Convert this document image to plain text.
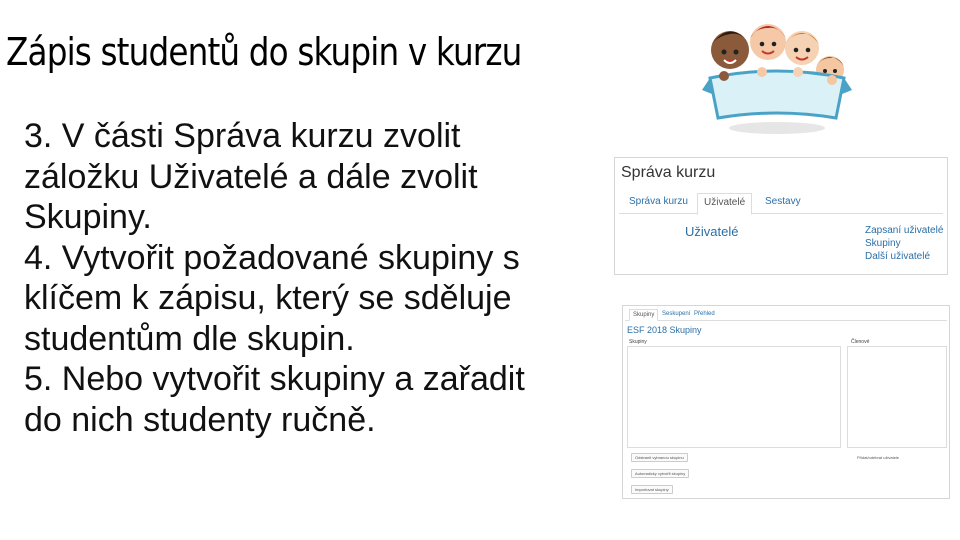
Zápis studentů do skupin v kurzu
3. V části Správa kurzu zvolit
záložku Uživatelé a dále zvolit
Skupiny.
4. Vytvořit požadované skupiny s
klíčem k zápisu, který se sděluje
studentům dle skupin.
5. Nebo vytvořit skupiny a zařadit
do nich studenty ručně.
Správa kurzu
Správa kurzu	Uživatelé	Sestavy
Uživatelé	Zapsaní uživatelé
Skupiny
Další uživatelé
Skupiny	Seskupení Přehled
ESF 2018 Skupiny
Skupiny	Členové
Odstranit vybranou skupinu
Automaticky vytvořit skupiny
Importovat skupiny
Přidat/odebrat uživatele
